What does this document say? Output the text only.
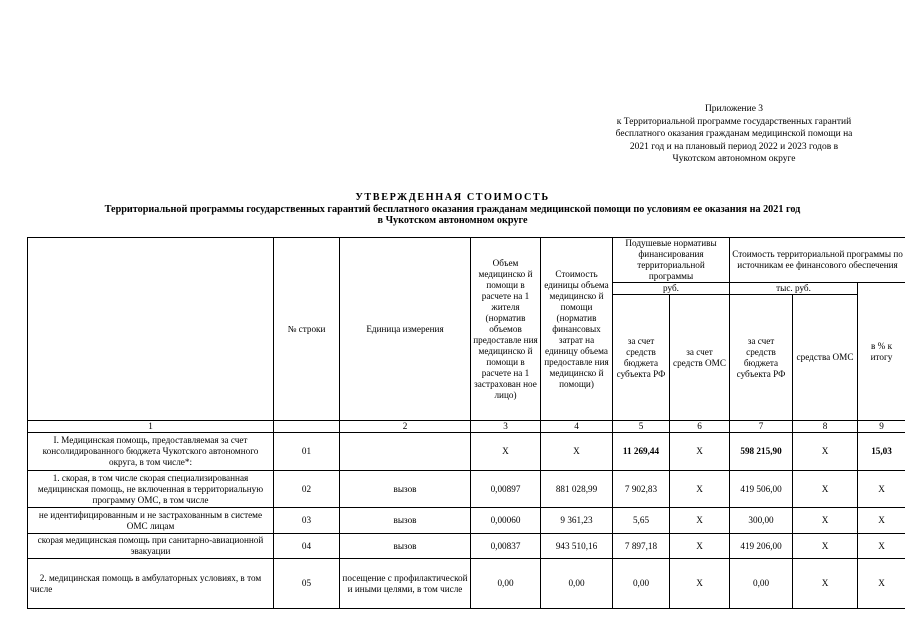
Приложение 3
к Территориальной программе государственных гарантий
бесплатного оказания гражданам медицинской помощи на
2021 год и на плановый период 2022 и 2023 годов в
Чукотском автономном округе
УТВЕРЖДЕННАЯ СТОИМОСТЬ
Территориальной программы государственных гарантий бесплатного оказания гражданам медицинской помощи по условиям ее оказания на 2021 год
в Чукотском автономном округе
	№ строки	Единица измерения	Объем медицинско й помощи в расчете на 1 жителя (норматив объемов предоставле ния медицинско й помощи в расчете на 1 застрахован ное лицо)	Стоимость единицы объема медицинско й помощи (норматив финансовых затрат на единицу объема предоставле ния медицинско й помощи)	Подушевые нормативы финансирования территориальной программы		Стоимость территориальной программы по источникам ее финансового обеспечения		
					руб.		тыс. руб.		в % к итогу
					за счет средств бюджета субъекта РФ	за счет средств ОМС	за счет средств бюджета субъекта РФ	средства ОМС	
1		2	3	4	5	6	7	8	9
I. Медицинская помощь, предоставляемая за счет консолидированного бюджета Чукотского автономного округа, в том числе*:	01		Х	Х	11 269,44	Х	598 215,90	Х	15,03
1. скорая, в том числе скорая специализированная медицинская помощь, не включенная в территориальную программу ОМС, в том числе	02	вызов	0,00897	881 028,99	7 902,83	Х	419 506,00	Х	Х
не идентифицированным и не застрахованным в системе ОМС лицам	03	вызов	0,00060	9 361,23	5,65	Х	300,00	Х	Х
скорая медицинская помощь при санитарно-авиационной эвакуации	04	вызов	0,00837	943 510,16	7 897,18	Х	419 206,00	Х	Х
2. медицинская помощь в амбулаторных условиях, в том числе	05	посещение с профилактической и иными целями, в том числе	0,00	0,00	0,00	Х	0,00	Х	Х
